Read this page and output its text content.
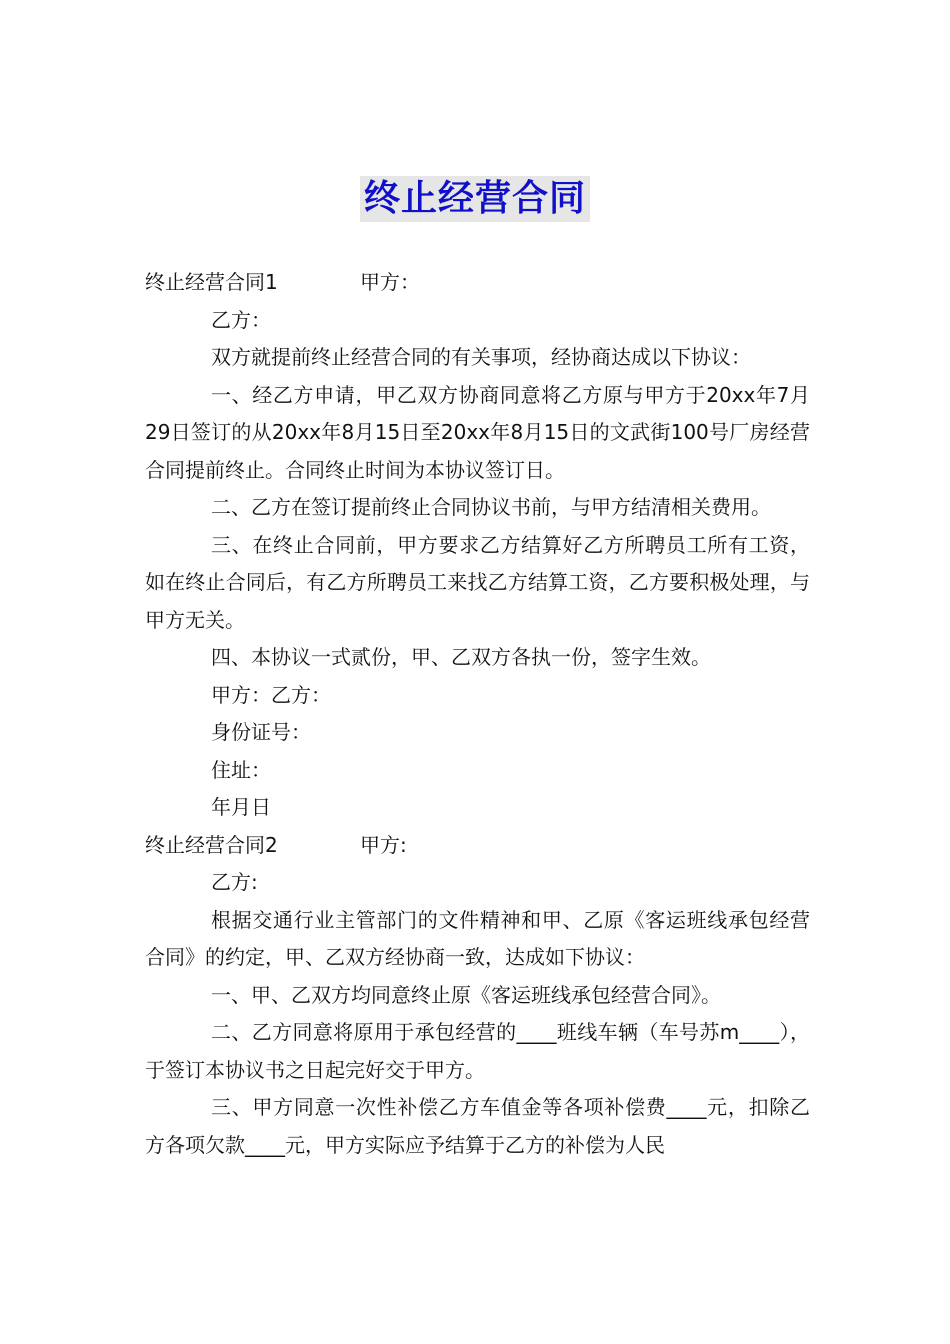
终止经营合同
终止经营合同1	甲方：

乙方：

双方就提前终止经营合同的有关事项，经协商达成以下协议：

一、经乙方申请，甲乙双方协商同意将乙方原与甲方于20xx年7月29日签订的从20xx年8月15日至20xx年8月15日的文武街100号厂房经营合同提前终止。合同终止时间为本协议签订日。

二、乙方在签订提前终止合同协议书前，与甲方结清相关费用。

三、在终止合同前，甲方要求乙方结算好乙方所聘员工所有工资，如在终止合同后，有乙方所聘员工来找乙方结算工资，乙方要积极处理，与甲方无关。

四、本协议一式贰份，甲、乙双方各执一份，签字生效。

甲方：乙方：

身份证号：

住址：

年月日

终止经营合同2	甲方:

乙方:

根据交通行业主管部门的文件精神和甲、乙原《客运班线承包经营合同》的约定，甲、乙双方经协商一致，达成如下协议：

一、甲、乙双方均同意终止原《客运班线承包经营合同》。

二、乙方同意将原用于承包经营的____班线车辆（车号苏m____），于签订本协议书之日起完好交于甲方。

三、甲方同意一次性补偿乙方车值金等各项补偿费____元，扣除乙方各项欠款____元，甲方实际应予结算于乙方的补偿为人民
